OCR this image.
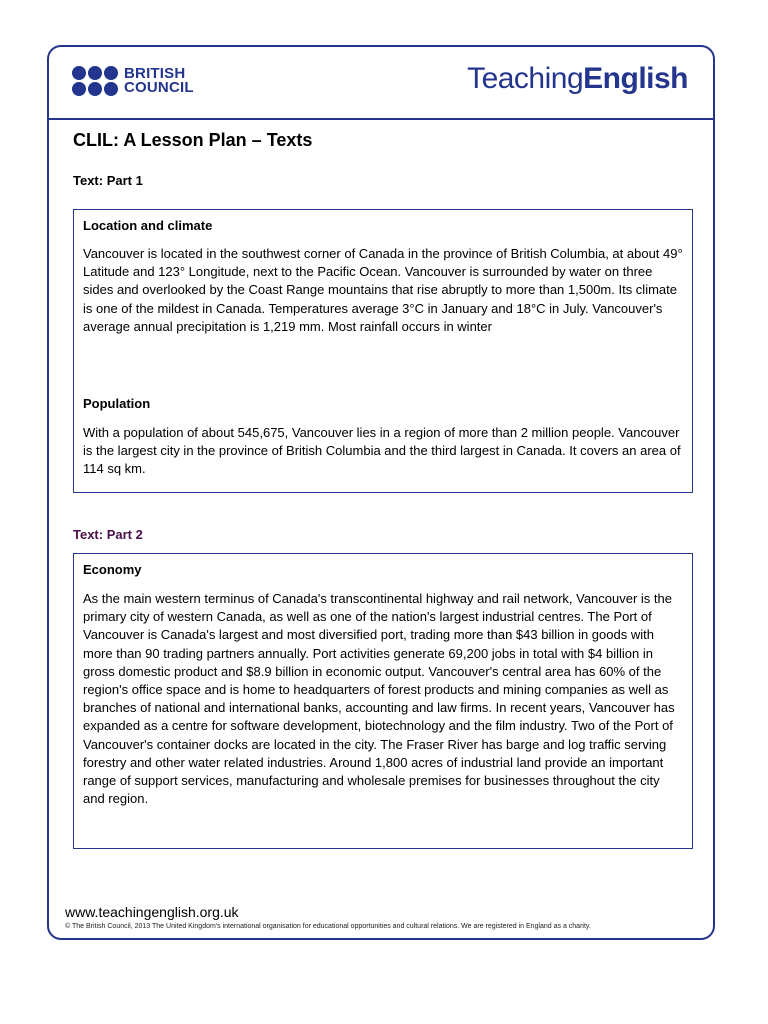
BRITISH
COUNCIL	TeachingEnglish
CLIL: A Lesson Plan – Texts
Text: Part 1
Location and climate

Vancouver is located in the southwest corner of Canada in the province of British Columbia, at about 49° Latitude and 123° Longitude, next to the Pacific Ocean. Vancouver is surrounded by water on three sides and overlooked by the Coast Range mountains that rise abruptly to more than 1,500m. Its climate is one of the mildest in Canada. Temperatures average 3°C in January and 18°C in July. Vancouver's average annual precipitation is 1,219 mm. Most rainfall occurs in winter

Population

With a population of about 545,675, Vancouver lies in a region of more than 2 million people. Vancouver is the largest city in the province of British Columbia and the third largest in Canada. It covers an area of 114 sq km.

Text: Part 2
Economy

As the main western terminus of Canada's transcontinental highway and rail network, Vancouver is the primary city of western Canada, as well as one of the nation's largest industrial centres. The Port of Vancouver is Canada's largest and most diversified port, trading more than $43 billion in goods with more than 90 trading partners annually. Port activities generate 69,200 jobs in total with $4 billion in gross domestic product and $8.9 billion in economic output. Vancouver's central area has 60% of the region's office space and is home to headquarters of forest products and mining companies as well as branches of national and international banks, accounting and law firms. In recent years, Vancouver has expanded as a centre for software development, biotechnology and the film industry. Two of the Port of Vancouver's container docks are located in the city. The Fraser River has barge and log traffic serving forestry and other water related industries. Around 1,800 acres of industrial land provide an important range of support services, manufacturing and wholesale premises for businesses throughout the city and region.

www.teachingenglish.org.uk
© The British Council, 2013 The United Kingdom's international organisation for educational opportunities and cultural relations. We are registered in England as a charity.
